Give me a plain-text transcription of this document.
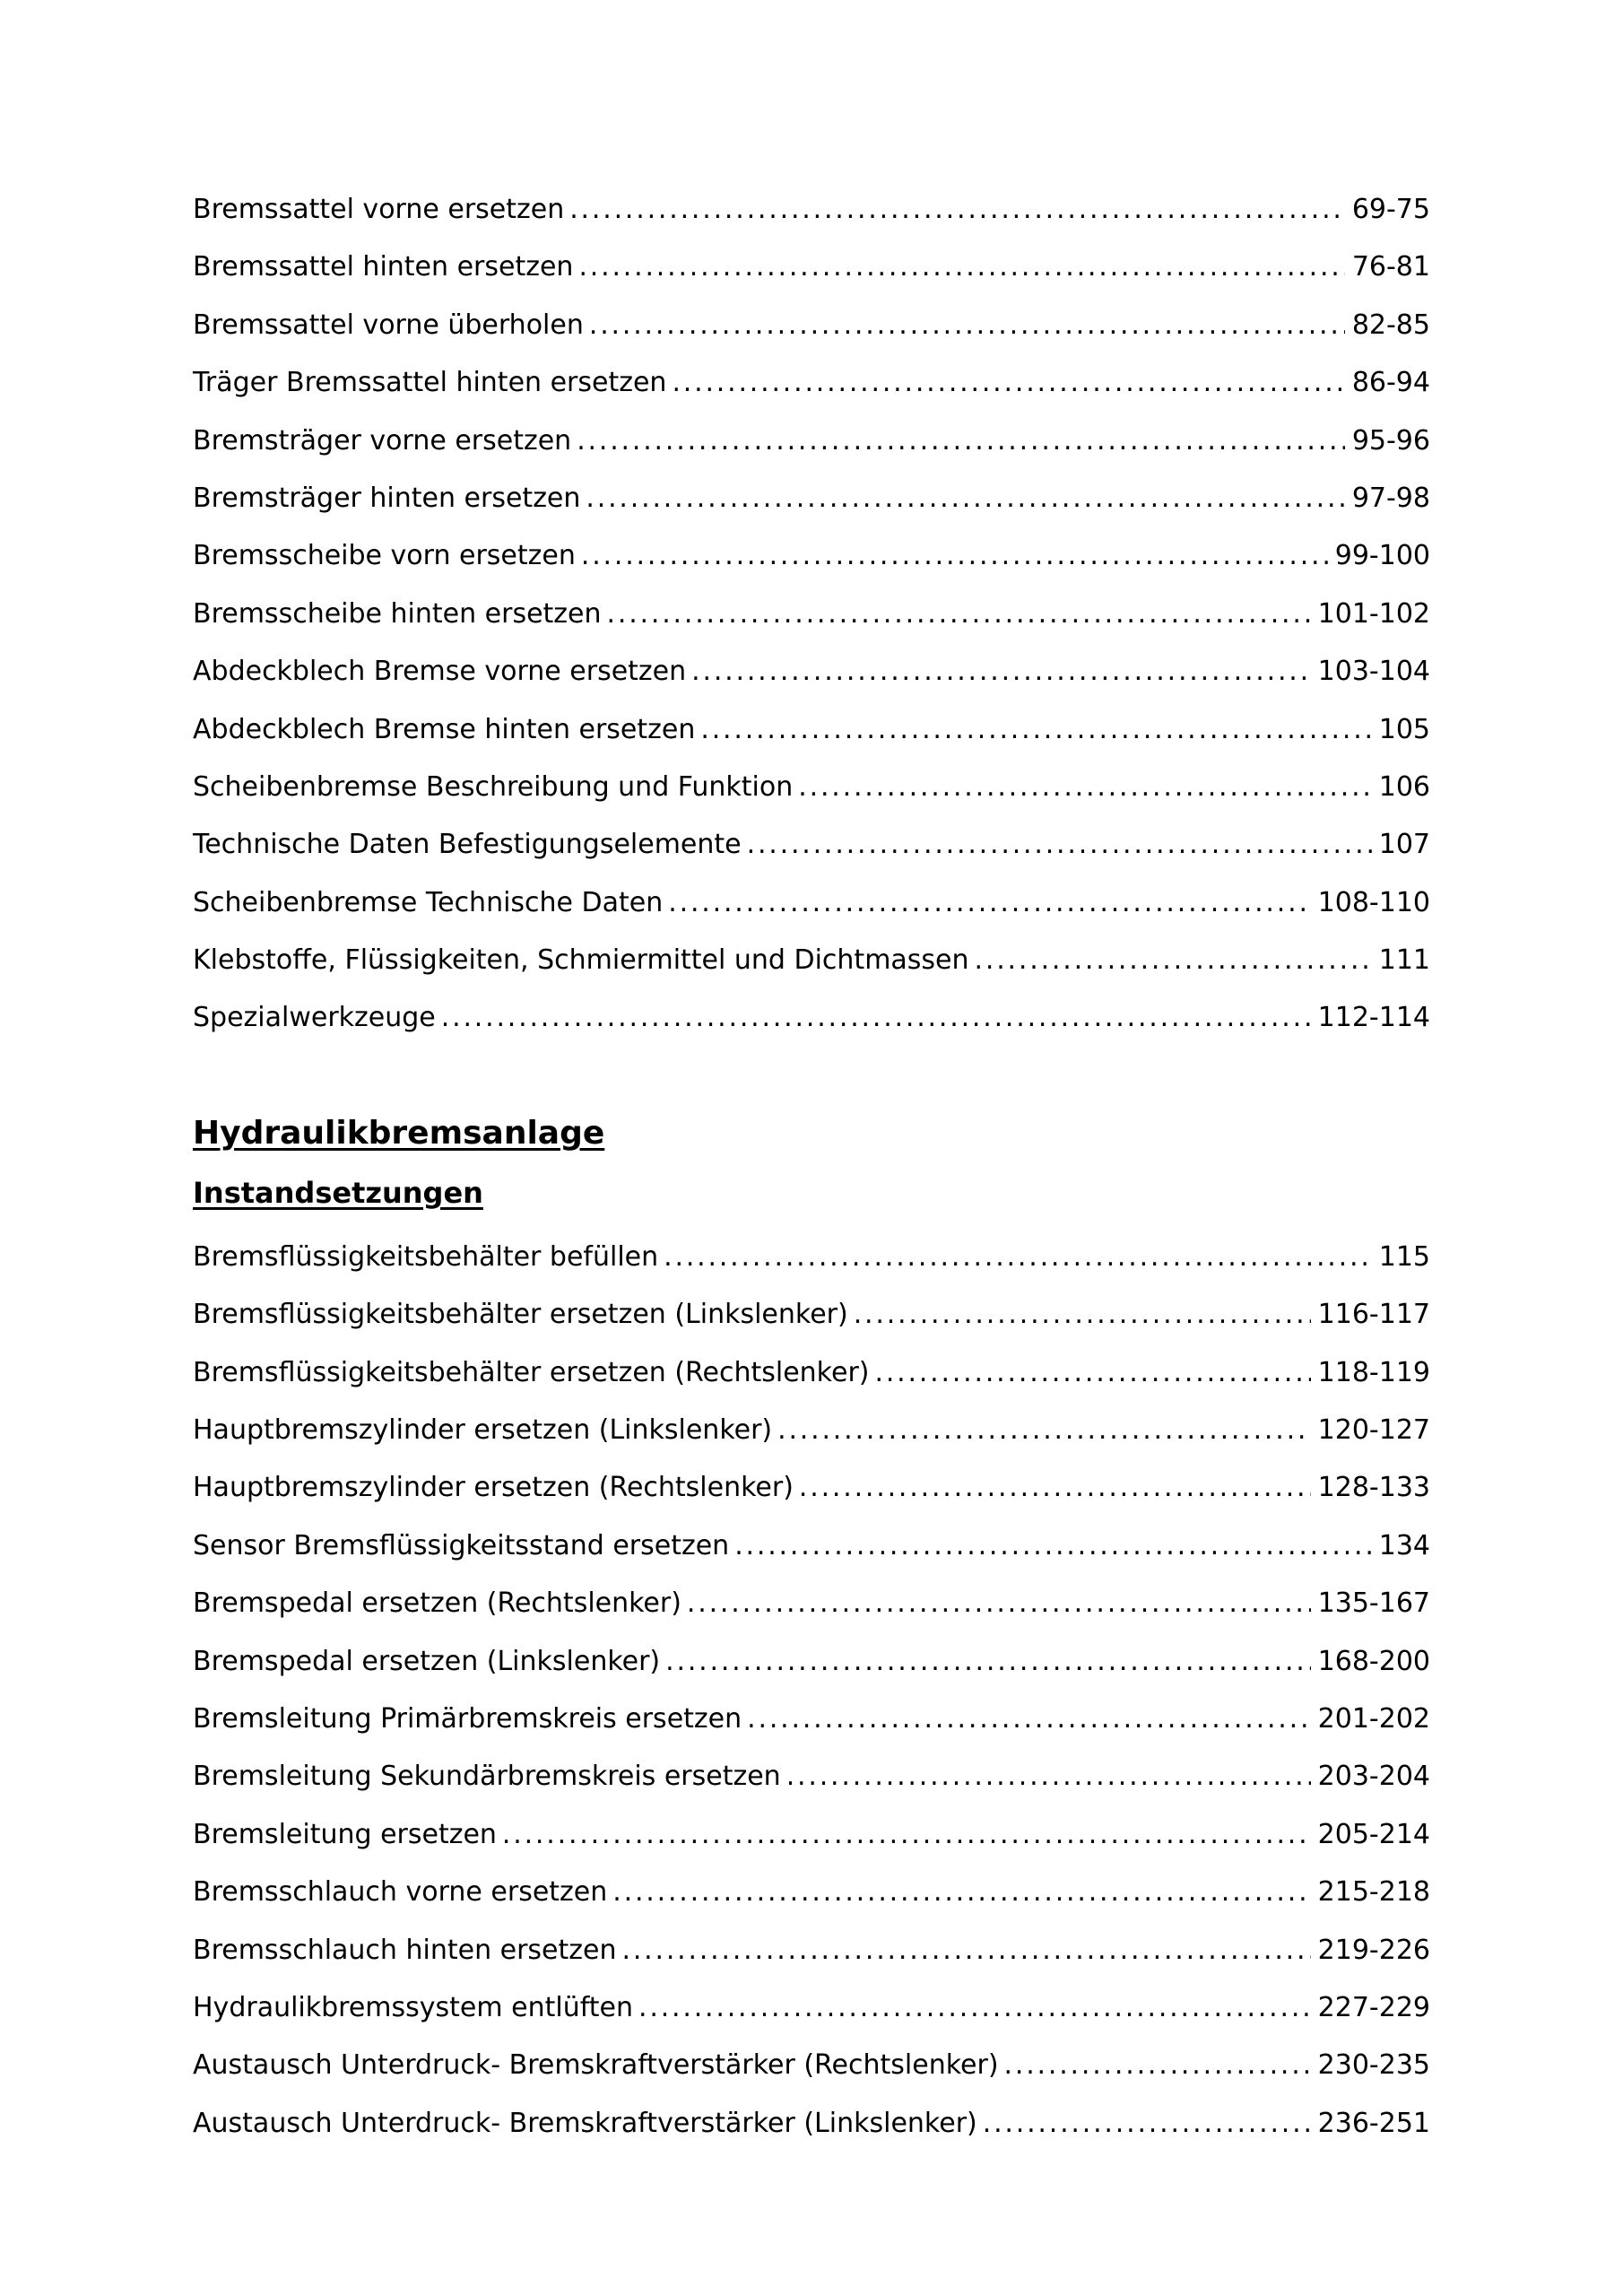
Bremssattel vorne ersetzen .....	69-75
Bremssattel hinten ersetzen .....	76-81
Bremssattel vorne überholen .....	82-85
Träger Bremssattel hinten ersetzen .....	86-94
Bremsträger vorne ersetzen .....	95-96
Bremsträger hinten ersetzen .....	97-98
Bremsscheibe vorn ersetzen .....	99-100
Bremsscheibe hinten ersetzen .....	101-102
Abdeckblech Bremse vorne ersetzen .....	103-104
Abdeckblech Bremse hinten ersetzen .....	105
Scheibenbremse Beschreibung und Funktion .....	106
Technische Daten Befestigungselemente .....	107
Scheibenbremse Technische Daten .....	108-110
Klebstoffe, Flüssigkeiten, Schmiermittel und Dichtmassen .....	111
Spezialwerkzeuge .....	112-114
Hydraulikbremsanlage
Instandsetzungen
Bremsflüssigkeitsbehälter befüllen .....	115
Bremsflüssigkeitsbehälter ersetzen (Linkslenker) .....	116-117
Bremsflüssigkeitsbehälter ersetzen (Rechtslenker) .....	118-119
Hauptbremszylinder ersetzen (Linkslenker) .....	120-127
Hauptbremszylinder ersetzen (Rechtslenker) .....	128-133
Sensor Bremsflüssigkeitsstand ersetzen .....	134
Bremspedal ersetzen (Rechtslenker) .....	135-167
Bremspedal ersetzen (Linkslenker) .....	168-200
Bremsleitung Primärbremskreis ersetzen .....	201-202
Bremsleitung Sekundärbremskreis ersetzen .....	203-204
Bremsleitung ersetzen .....	205-214
Bremsschlauch vorne ersetzen .....	215-218
Bremsschlauch hinten ersetzen .....	219-226
Hydraulikbremssystem entlüften .....	227-229
Austausch Unterdruck- Bremskraftverstärker (Rechtslenker) .....	230-235
Austausch Unterdruck- Bremskraftverstärker (Linkslenker) .....	236-251
